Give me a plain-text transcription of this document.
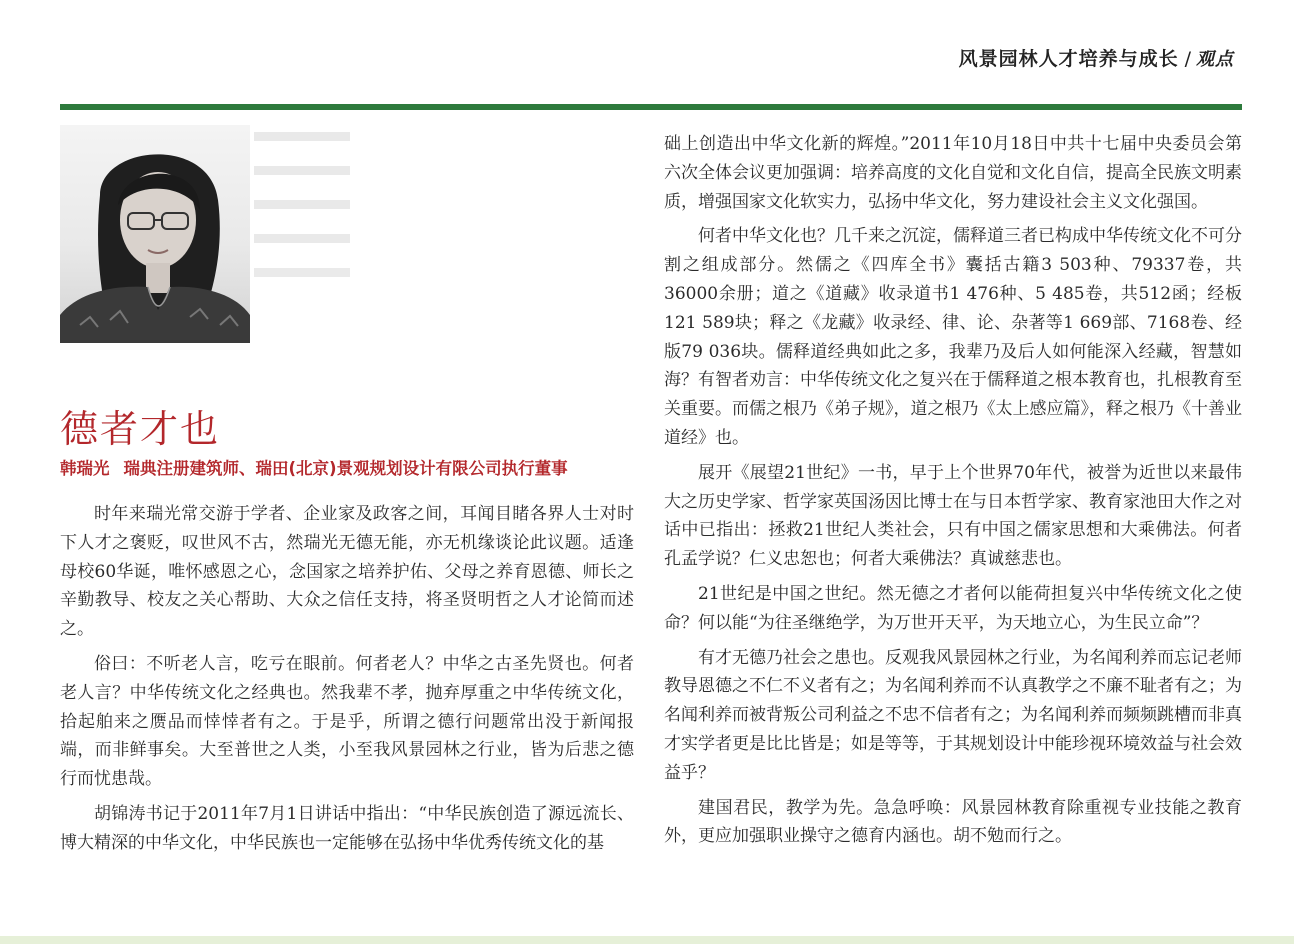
风景园林人才培养与成长 / 观点
德者才也
韩瑞光 瑞典注册建筑师、瑞田(北京)景观规划设计有限公司执行董事

时年来瑞光常交游于学者、企业家及政客之间，耳闻目睹各界人士对时下人才之褒贬，叹世风不古，然瑞光无德无能，亦无机缘谈论此议题。适逢母校60华诞，唯怀感恩之心，念国家之培养护佑、父母之养育恩德、师长之辛勤教导、校友之关心帮助、大众之信任支持，将圣贤明哲之人才论简而述之。

俗曰：不听老人言，吃亏在眼前。何者老人？中华之古圣先贤也。何者老人言？中华传统文化之经典也。然我辈不孝，抛弃厚重之中华传统文化，拾起舶来之赝品而悻悻者有之。于是乎，所谓之德行问题常出没于新闻报端，而非鲜事矣。大至普世之人类，小至我风景园林之行业，皆为后悲之德行而忧患哉。

胡锦涛书记于2011年7月1日讲话中指出：“中华民族创造了源远流长、博大精深的中华文化，中华民族也一定能够在弘扬中华优秀传统文化的基

础上创造出中华文化新的辉煌。”2011年10月18日中共十七届中央委员会第六次全体会议更加强调：培养高度的文化自觉和文化自信，提高全民族文明素质，增强国家文化软实力，弘扬中华文化，努力建设社会主义文化强国。

何者中华文化也？几千来之沉淀，儒释道三者已构成中华传统文化不可分割之组成部分。然儒之《四库全书》囊括古籍3 503种、79337卷，共36000余册；道之《道藏》收录道书1 476种、5 485卷，共512函；经板121 589块；释之《龙藏》收录经、律、论、杂著等1 669部、7168卷、经版79 036块。儒释道经典如此之多，我辈乃及后人如何能深入经藏，智慧如海？有智者劝言：中华传统文化之复兴在于儒释道之根本教育也，扎根教育至关重要。而儒之根乃《弟子规》，道之根乃《太上感应篇》，释之根乃《十善业道经》也。

展开《展望21世纪》一书，早于上个世界70年代，被誉为近世以来最伟大之历史学家、哲学家英国汤因比博士在与日本哲学家、教育家池田大作之对话中已指出：拯救21世纪人类社会，只有中国之儒家思想和大乘佛法。何者孔孟学说？仁义忠恕也；何者大乘佛法？真诚慈悲也。

21世纪是中国之世纪。然无德之才者何以能荷担复兴中华传统文化之使命？何以能“为往圣继绝学，为万世开天平，为天地立心，为生民立命”？

有才无德乃社会之患也。反观我风景园林之行业，为名闻利养而忘记老师教导恩德之不仁不义者有之；为名闻利养而不认真教学之不廉不耻者有之；为名闻利养而被背叛公司利益之不忠不信者有之；为名闻利养而频频跳槽而非真才实学者更是比比皆是；如是等等，于其规划设计中能珍视环境效益与社会效益乎？

建国君民，教学为先。急急呼唤：风景园林教育除重视专业技能之教育外，更应加强职业操守之德育内涵也。胡不勉而行之。
